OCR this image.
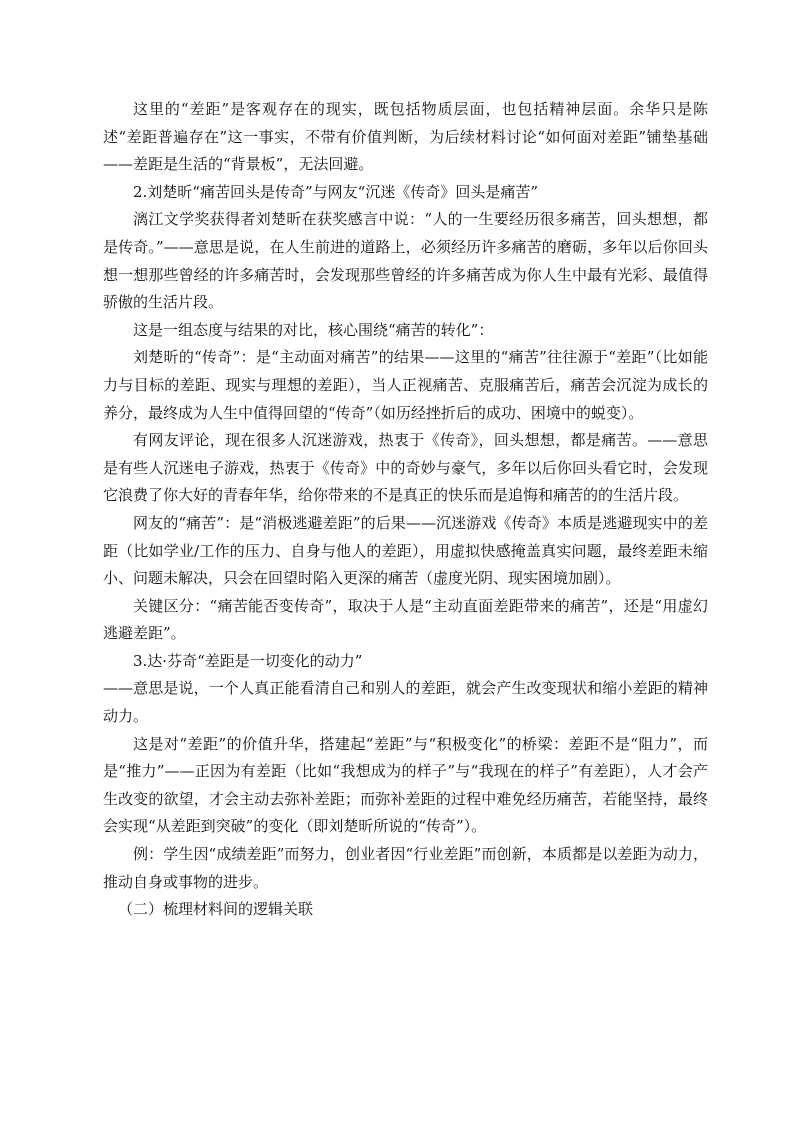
这里的“差距”是客观存在的现实，既包括物质层面，也包括精神层面。余华只是陈述“差距普遍存在”这一事实，不带有价值判断，为后续材料讨论“如何面对差距”铺垫基础——差距是生活的“背景板”，无法回避。

2.刘楚昕“痛苦回头是传奇”与网友“沉迷《传奇》回头是痛苦”

漓江文学奖获得者刘楚昕在获奖感言中说：“人的一生要经历很多痛苦，回头想想，都是传奇。”——意思是说，在人生前进的道路上，必须经历许多痛苦的磨砺，多年以后你回头想一想那些曾经的许多痛苦时，会发现那些曾经的许多痛苦成为你人生中最有光彩、最值得骄傲的生活片段。

这是一组态度与结果的对比，核心围绕“痛苦的转化”：

刘楚昕的“传奇”：是“主动面对痛苦”的结果——这里的“痛苦”往往源于“差距”（比如能力与目标的差距、现实与理想的差距），当人正视痛苦、克服痛苦后，痛苦会沉淀为成长的养分，最终成为人生中值得回望的“传奇”（如历经挫折后的成功、困境中的蜕变）。

有网友评论，现在很多人沉迷游戏，热衷于《传奇》，回头想想，都是痛苦。——意思是有些人沉迷电子游戏，热衷于《传奇》中的奇妙与豪气，多年以后你回头看它时，会发现它浪费了你大好的青春年华，给你带来的不是真正的快乐而是追悔和痛苦的的生活片段。

网友的“痛苦”：是“消极逃避差距”的后果——沉迷游戏《传奇》本质是逃避现实中的差距（比如学业/工作的压力、自身与他人的差距），用虚拟快感掩盖真实问题，最终差距未缩小、问题未解决，只会在回望时陷入更深的痛苦（虚度光阴、现实困境加剧）。

关键区分：“痛苦能否变传奇”，取决于人是“主动直面差距带来的痛苦”，还是“用虚幻逃避差距”。

3.达·芬奇“差距是一切变化的动力”

——意思是说，一个人真正能看清自己和别人的差距，就会产生改变现状和缩小差距的精神动力。

这是对“差距”的价值升华，搭建起“差距”与“积极变化”的桥梁：差距不是“阻力”，而是“推力”——正因为有差距（比如“我想成为的样子”与“我现在的样子”有差距），人才会产生改变的欲望，才会主动去弥补差距；而弥补差距的过程中难免经历痛苦，若能坚持，最终会实现“从差距到突破”的变化（即刘楚昕所说的“传奇”）。

例：学生因“成绩差距”而努力，创业者因“行业差距”而创新，本质都是以差距为动力，推动自身或事物的进步。

（二）梳理材料间的逻辑关联
